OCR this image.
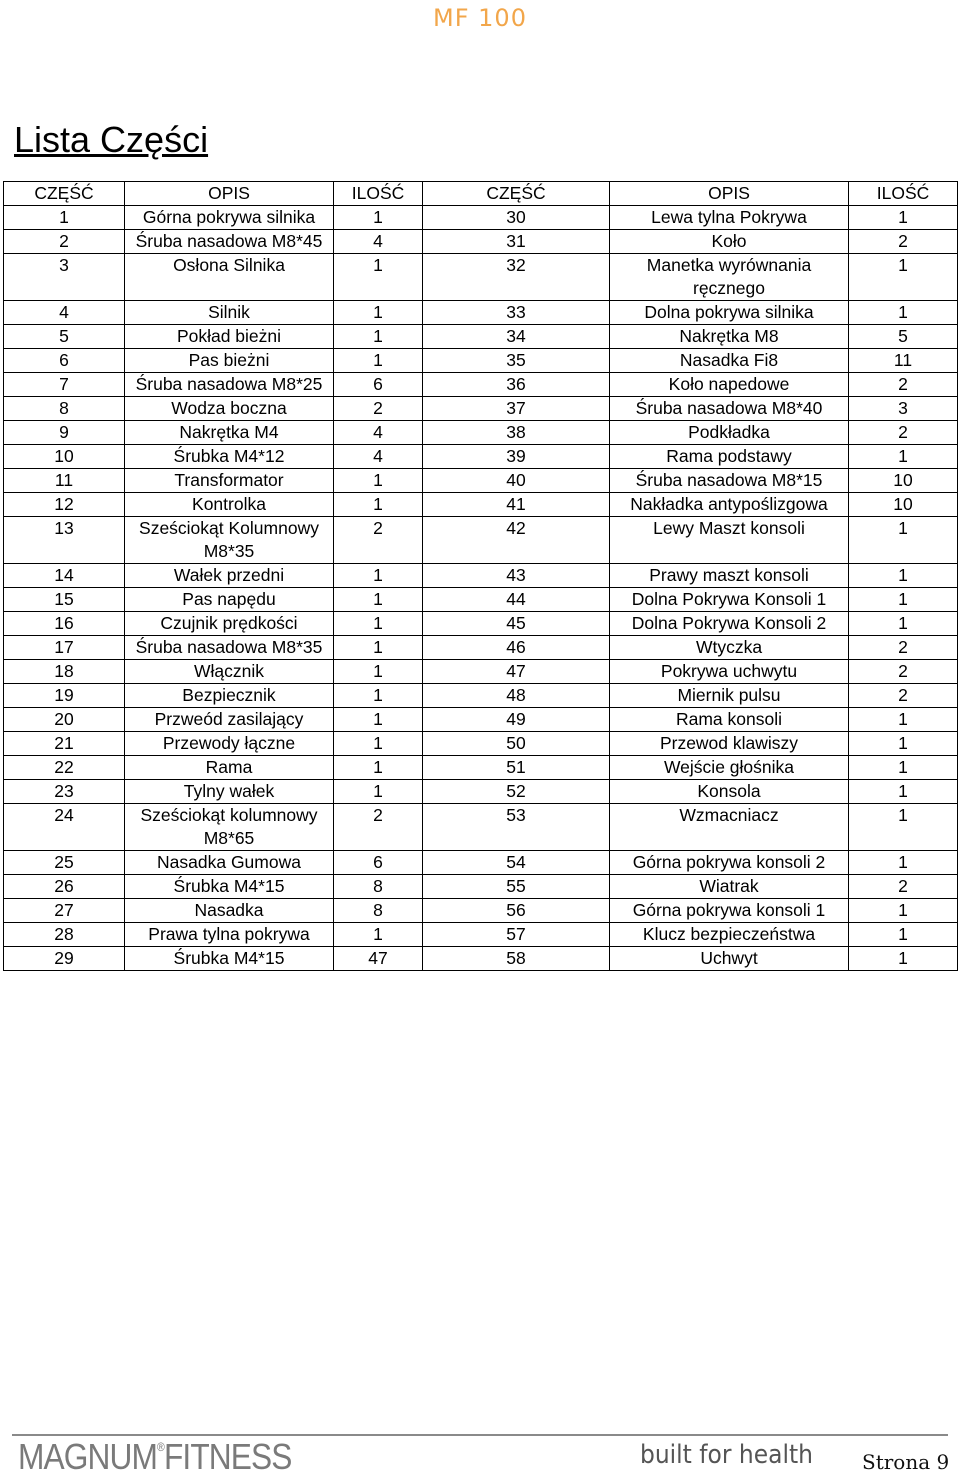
MF 100
Lista Części
CZĘŚĆ	OPIS	ILOŚĆ	CZĘŚĆ	OPIS	ILOŚĆ
1	Górna pokrywa silnika	1	30	Lewa tylna Pokrywa	1
2	Śruba nasadowa M8*45	4	31	Koło	2
3	Osłona Silnika	1	32	Manetka wyrównania ręcznego	1
4	Silnik	1	33	Dolna pokrywa silnika	1
5	Pokład bieżni	1	34	Nakrętka M8	5
6	Pas bieżni	1	35	Nasadka Fi8	11
7	Śruba nasadowa M8*25	6	36	Koło napedowe	2
8	Wodza boczna	2	37	Śruba nasadowa M8*40	3
9	Nakrętka M4	4	38	Podkładka	2
10	Śrubka M4*12	4	39	Rama podstawy	1
11	Transformator	1	40	Śruba nasadowa M8*15	10
12	Kontrolka	1	41	Nakładka antypoślizgowa	10
13	Sześciokąt Kolumnowy M8*35	2	42	Lewy Maszt konsoli	1
14	Wałek przedni	1	43	Prawy maszt konsoli	1
15	Pas napędu	1	44	Dolna Pokrywa Konsoli 1	1
16	Czujnik prędkości	1	45	Dolna Pokrywa Konsoli 2	1
17	Śruba nasadowa M8*35	1	46	Wtyczka	2
18	Włącznik	1	47	Pokrywa uchwytu	2
19	Bezpiecznik	1	48	Miernik pulsu	2
20	Przweód zasilający	1	49	Rama konsoli	1
21	Przewody łączne	1	50	Przewod klawiszy	1
22	Rama	1	51	Wejście głośnika	1
23	Tylny wałek	1	52	Konsola	1
24	Sześciokąt kolumnowy M8*65	2	53	Wzmacniacz	1
25	Nasadka Gumowa	6	54	Górna pokrywa konsoli 2	1
26	Śrubka M4*15	8	55	Wiatrak	2
27	Nasadka	8	56	Górna pokrywa konsoli 1	1
28	Prawa tylna pokrywa	1	57	Klucz bezpieczeństwa	1
29	Śrubka M4*15	47	58	Uchwyt	1
MAGNUM®FITNESS	built for health Strona 9
